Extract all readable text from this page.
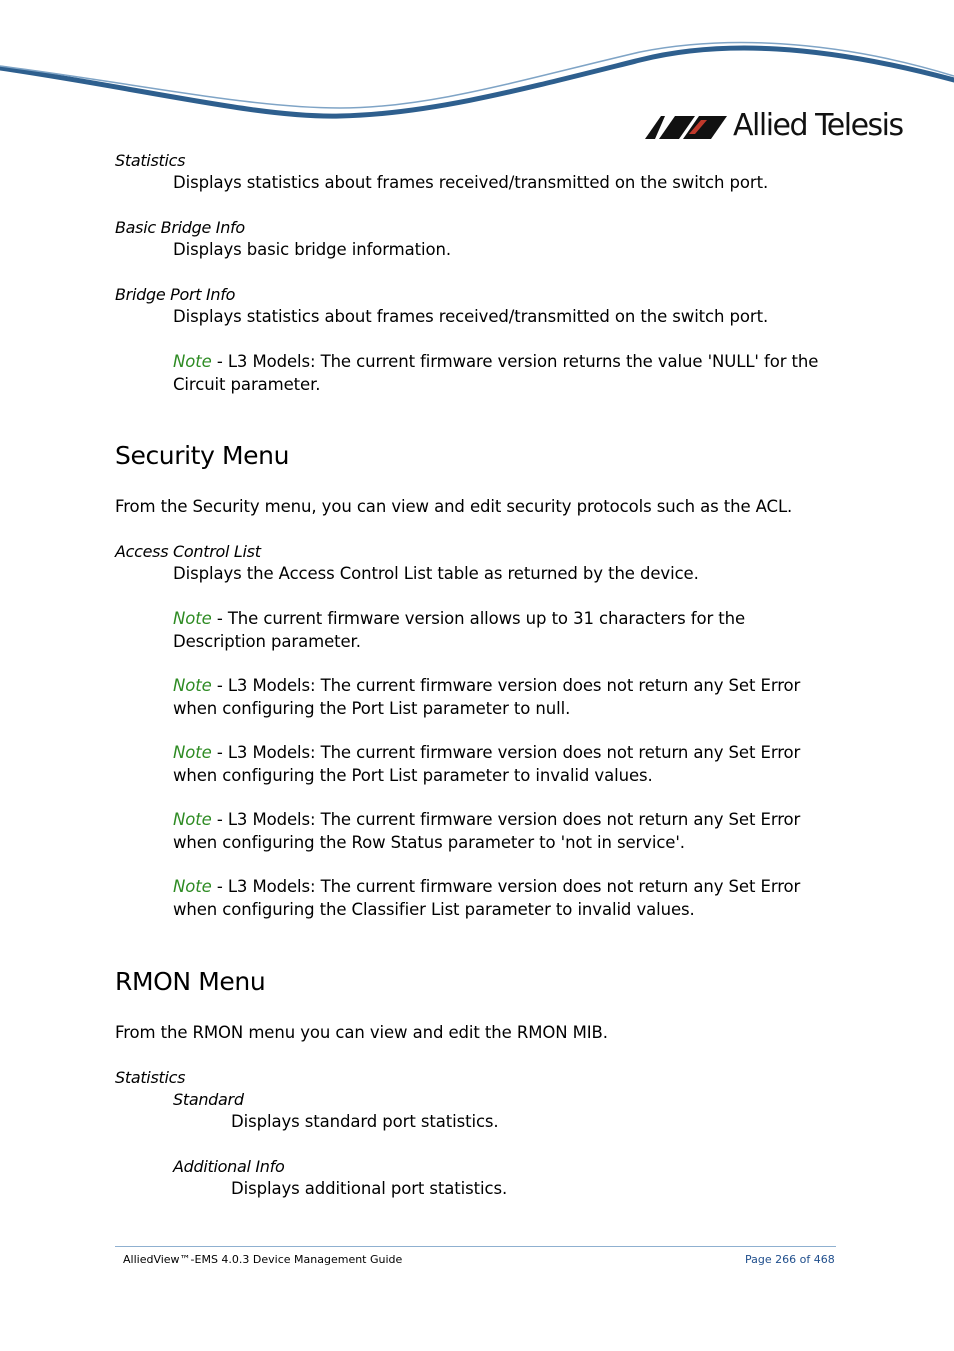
Allied Telesis
Statistics
Displays statistics about frames received/transmitted on the switch port.
Basic Bridge Info
Displays basic bridge information.
Bridge Port Info
Displays statistics about frames received/transmitted on the switch port.
Note - L3 Models: The current firmware version returns the value 'NULL' for the Circuit parameter.
Security Menu
From the Security menu, you can view and edit security protocols such as the ACL.
Access Control List
Displays the Access Control List table as returned by the device.
Note - The current firmware version allows up to 31 characters for the Description parameter.
Note - L3 Models: The current firmware version does not return any Set Error when configuring the Port List parameter to null.
Note - L3 Models: The current firmware version does not return any Set Error when configuring the Port List parameter to invalid values.
Note - L3 Models: The current firmware version does not return any Set Error when configuring the Row Status parameter to 'not in service'.
Note - L3 Models: The current firmware version does not return any Set Error when configuring the Classifier List parameter to invalid values.
RMON Menu
From the RMON menu you can view and edit the RMON MIB.
Statistics
Standard
Displays standard port statistics.
Additional Info
Displays additional port statistics.
AlliedView™-EMS 4.0.3 Device Management Guide	Page 266 of 468
